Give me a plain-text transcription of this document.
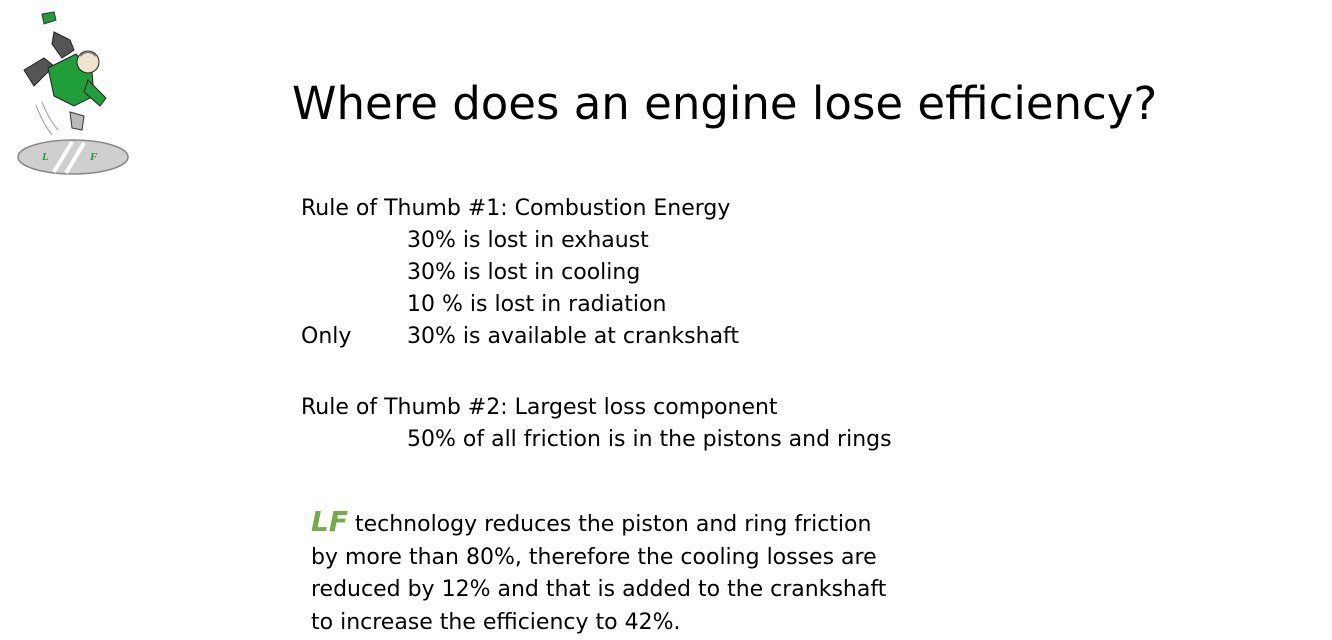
L	F
Where does an engine lose efficiency?
Rule of Thumb #1: Combustion Energy
30% is lost in exhaust
30% is lost in cooling
10 % is lost in radiation
Only	30% is available at crankshaft
Rule of Thumb #2: Largest loss component
50% of all friction is in the pistons and rings
LF technology reduces the piston and ring friction by more than 80%, therefore the cooling losses are reduced by 12% and that is added to the crankshaft to increase the efficiency to 42%.
